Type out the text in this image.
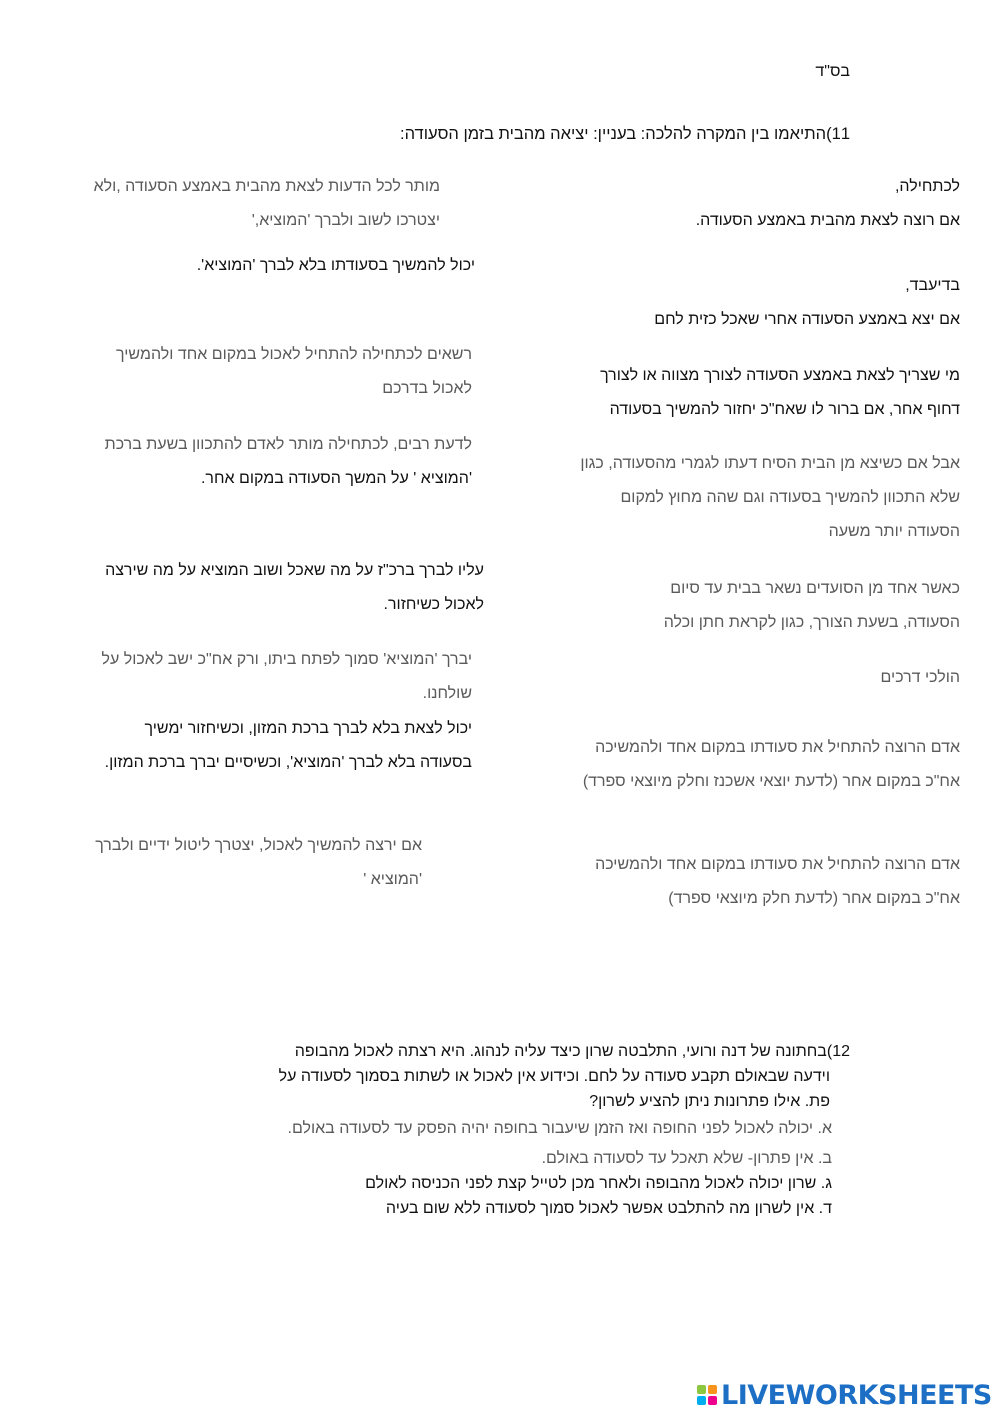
בס"ד
11)התיאמו בין המקרה להלכה: בעניין: יציאה מהבית בזמן הסעודה:
לכתחילה,
אם רוצה לצאת מהבית באמצע הסעודה.
בדיעבד,
אם יצא באמצע הסעודה אחרי שאכל כזית לחם
מי שצריך לצאת באמצע הסעודה לצורך מצווה או לצורך
דחוף אחר, אם ברור לו שאח"כ יחזור להמשיך בסעודה
אבל אם כשיצא מן הבית הסיח דעתו לגמרי מהסעודה, כגון
שלא התכוון להמשיך בסעודה וגם שהה מחוץ למקום
הסעודה יותר משעה
כאשר אחד מן הסועדים נשאר בבית עד סיום
הסעודה, בשעת הצורך, כגון לקראת חתן וכלה
הולכי דרכים
אדם הרוצה להתחיל את סעודתו במקום אחד ולהמשיכה
אח"כ במקום אחר (לדעת יוצאי אשכנז וחלק מיוצאי ספרד)
אדם הרוצה להתחיל את סעודתו במקום אחד ולהמשיכה
אח"כ במקום אחר (לדעת חלק מיוצאי ספרד)
מותר לכל הדעות לצאת מהבית באמצע הסעודה ,ולא
יצטרכו לשוב ולברך 'המוציא,'
יכול להמשיך בסעודתו בלא לברך 'המוציא'.
רשאים לכתחילה להתחיל לאכול במקום אחד ולהמשיך
לאכול בדרכם
לדעת רבים, לכתחילה מותר לאדם להתכוון בשעת ברכת
'המוציא ' על המשך הסעודה במקום אחר.
עליו לברך ברכ"ז על מה שאכל ושוב המוציא על מה שירצה
לאכול כשיחזור.
יברך 'המוציא' סמוך לפתח ביתו, ורק אח"כ ישב לאכול על
שולחנו.
יכול לצאת בלא לברך ברכת המזון, וכשיחזור ימשיך
בסעודה בלא לברך 'המוציא', וכשיסיים יברך ברכת המזון.
אם ירצה להמשיך לאכול, יצטרך ליטול ידיים ולברך
'המוציא '
12)בחתונה של דנה ורועי, התלבטה שרון כיצד עליה לנהוג. היא רצתה לאכול מהבופה
וידעה שבאולם תקבע סעודה על לחם. וכידוע אין לאכול או לשתות בסמוך לסעודה על
פת. אילו פתרונות ניתן להציע לשרון?
א. יכולה לאכול לפני החופה ואז הזמן שיעבור בחופה יהיה הפסק עד לסעודה באולם.
ב. אין פתרון- שלא תאכל עד לסעודה באולם.
ג. שרון יכולה לאכול מהבופה ולאחר מכן לטייל קצת לפני הכניסה לאולם
ד. אין לשרון מה להתלבט אפשר לאכול סמוך לסעודה ללא שום בעיה
LIVEWORKSHEETS
